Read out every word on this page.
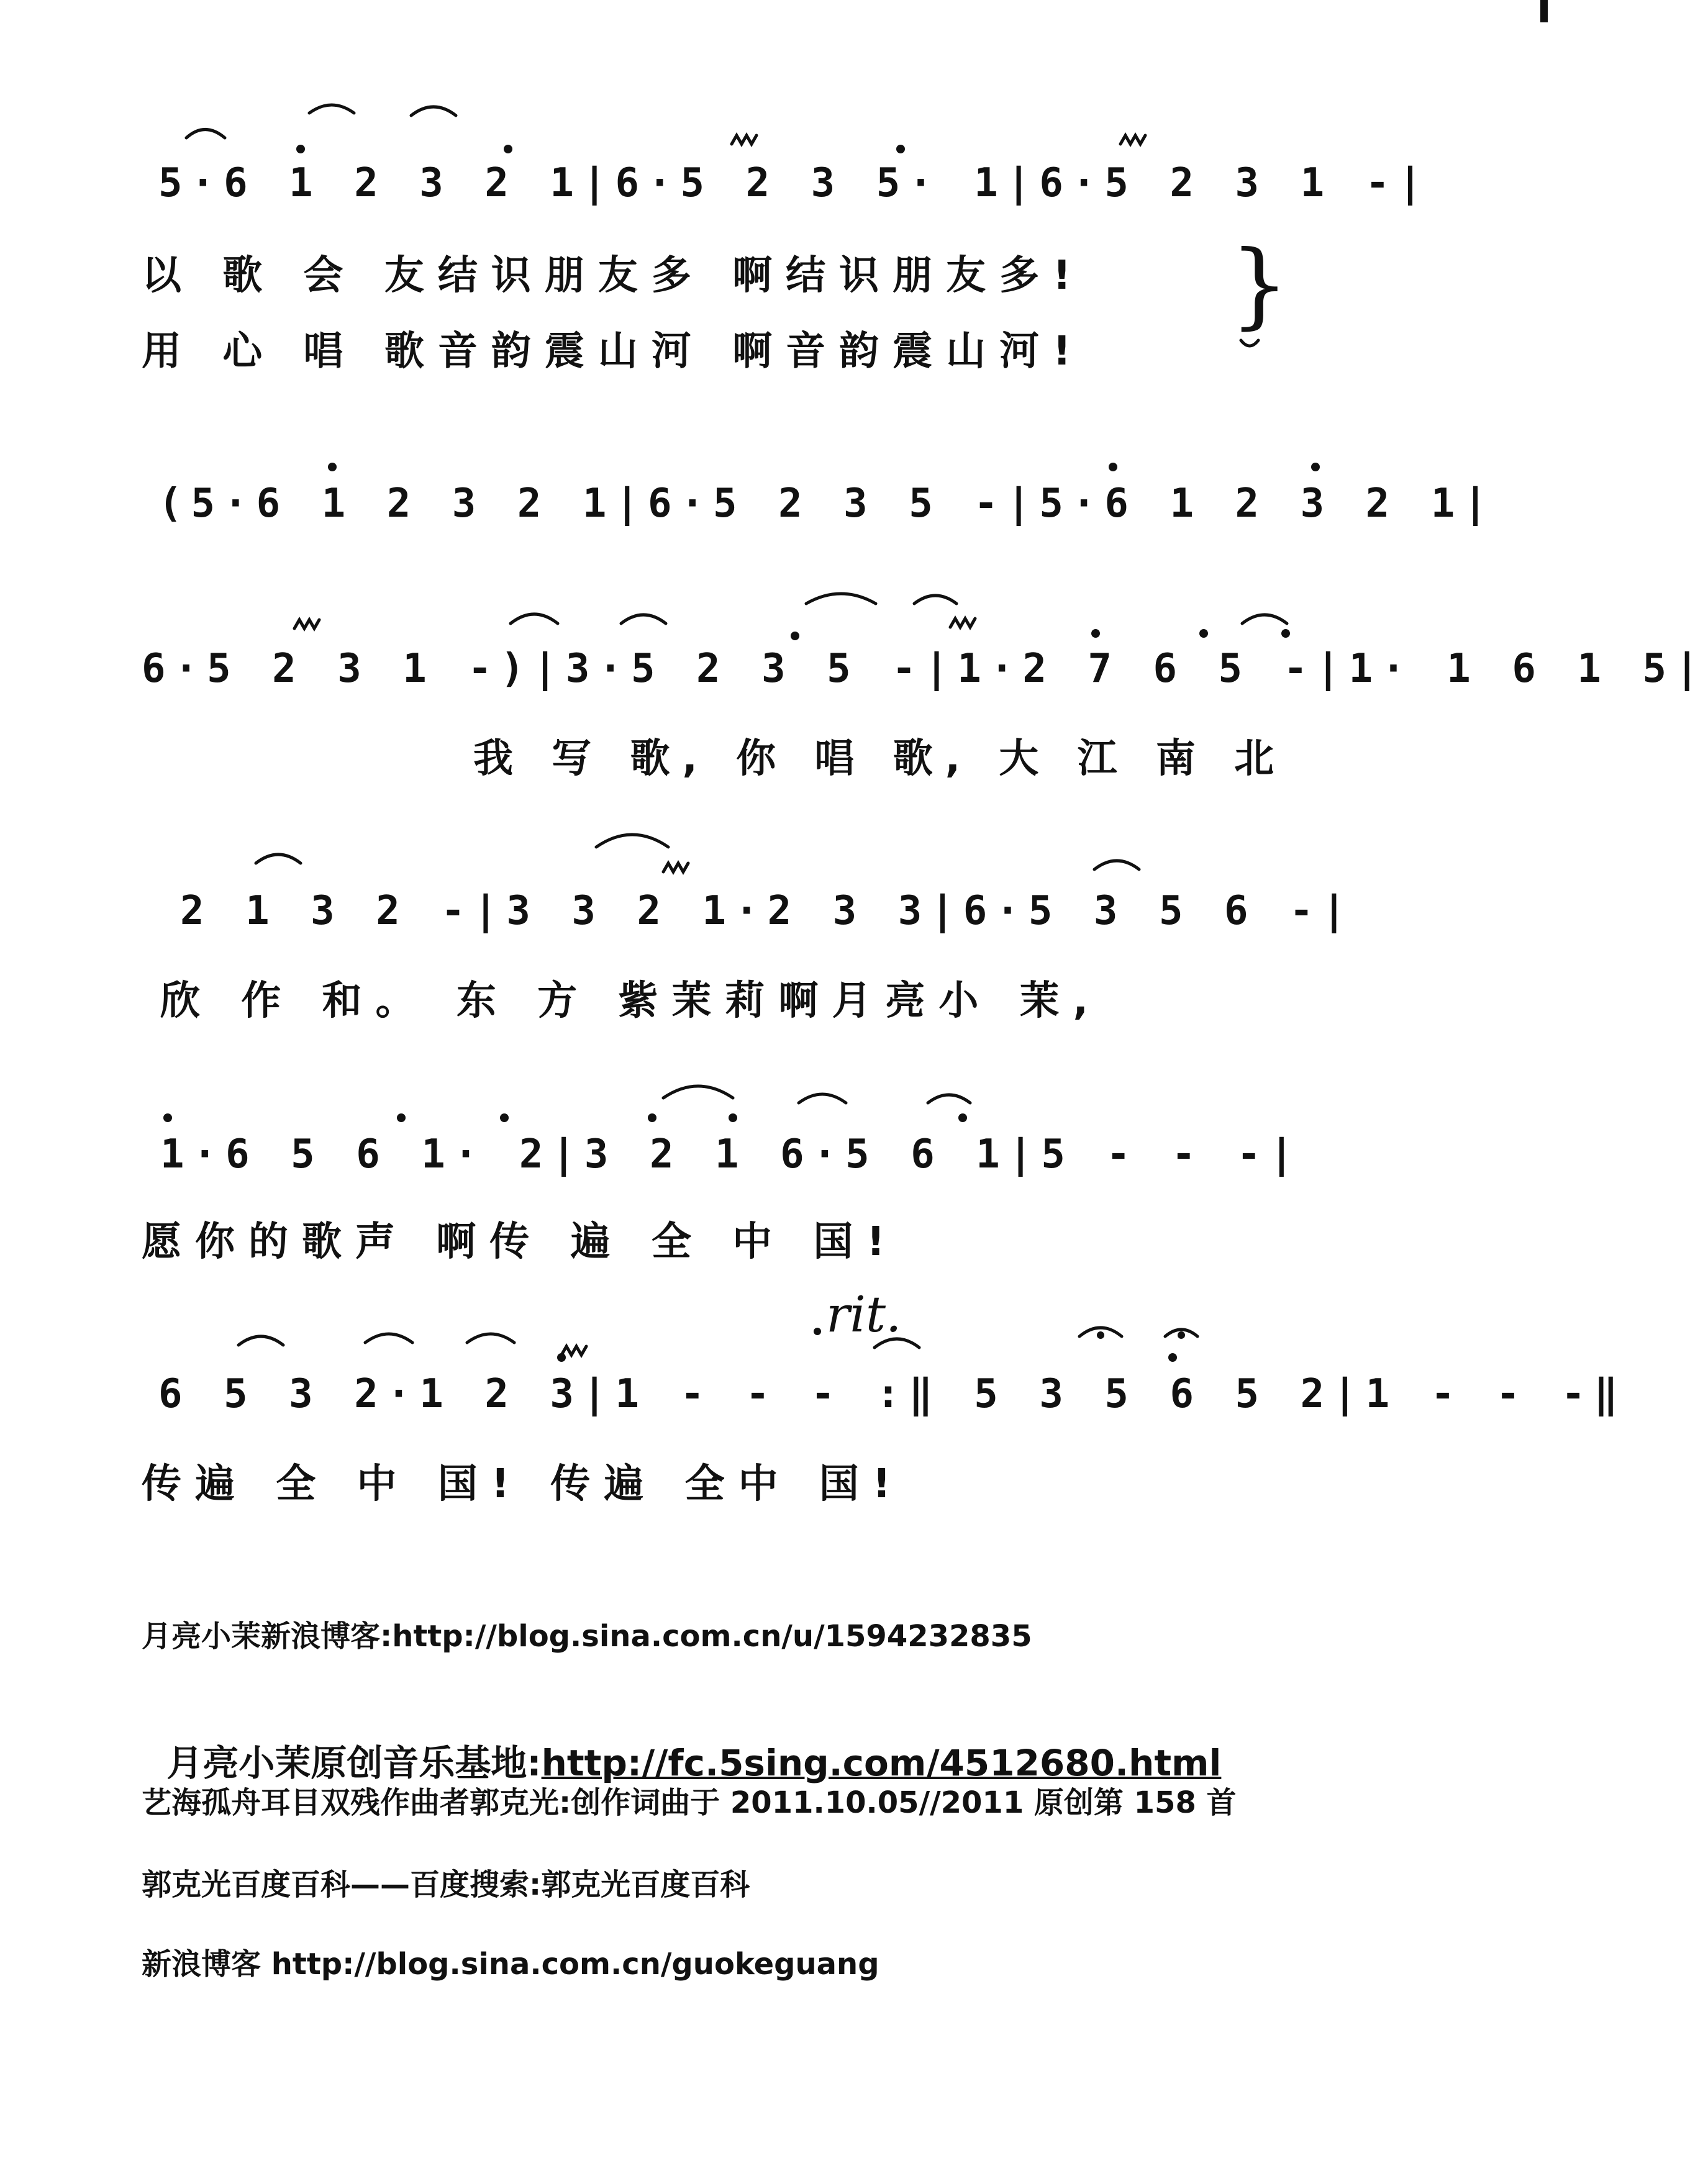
5·6 1 2 3 2 1|6·5 2 3 5· 1|6·5 2 3 1 -|

以 歌 会 友结识朋友多 啊结识朋友多!

用 心 唱 歌音韵震山河 啊音韵震山河!

}

(5·6 1 2 3 2 1|6·5 2 3 5 -|5·6 1 2 3 2 1|

6·5 2 3 1 -)|3·5 2 3 5 -|1·2 7 6 5 -|1· 1 6 1 5|

我 写 歌, 你 唱 歌, 大 江 南 北

2 1 3 2 -|3 3 2 1·2 3 3|6·5 3 5 6 -|

欣 作 和。 东 方 紫茉莉啊月亮小 茉,

1·6 5 6 1· 2|3 2 1 6·5 6 1|5 - - -|

愿你的歌声 啊传 遍 全 中 国!

rit.

6 5 3 2·1 2 3|1 - - - :‖ 5 3 5 6 5 2|1 - - -‖

传遍 全 中 国! 传遍 全中 国!

月亮小茉新浪博客:http://blog.sina.com.cn/u/1594232835

月亮小茉原创音乐基地:http://fc.5sing.com/4512680.html

艺海孤舟耳目双残作曲者郭克光:创作词曲于 2011.10.05//2011 原创第 158 首

郭克光百度百科——百度搜索:郭克光百度百科

新浪博客 http://blog.sina.com.cn/guokeguang
